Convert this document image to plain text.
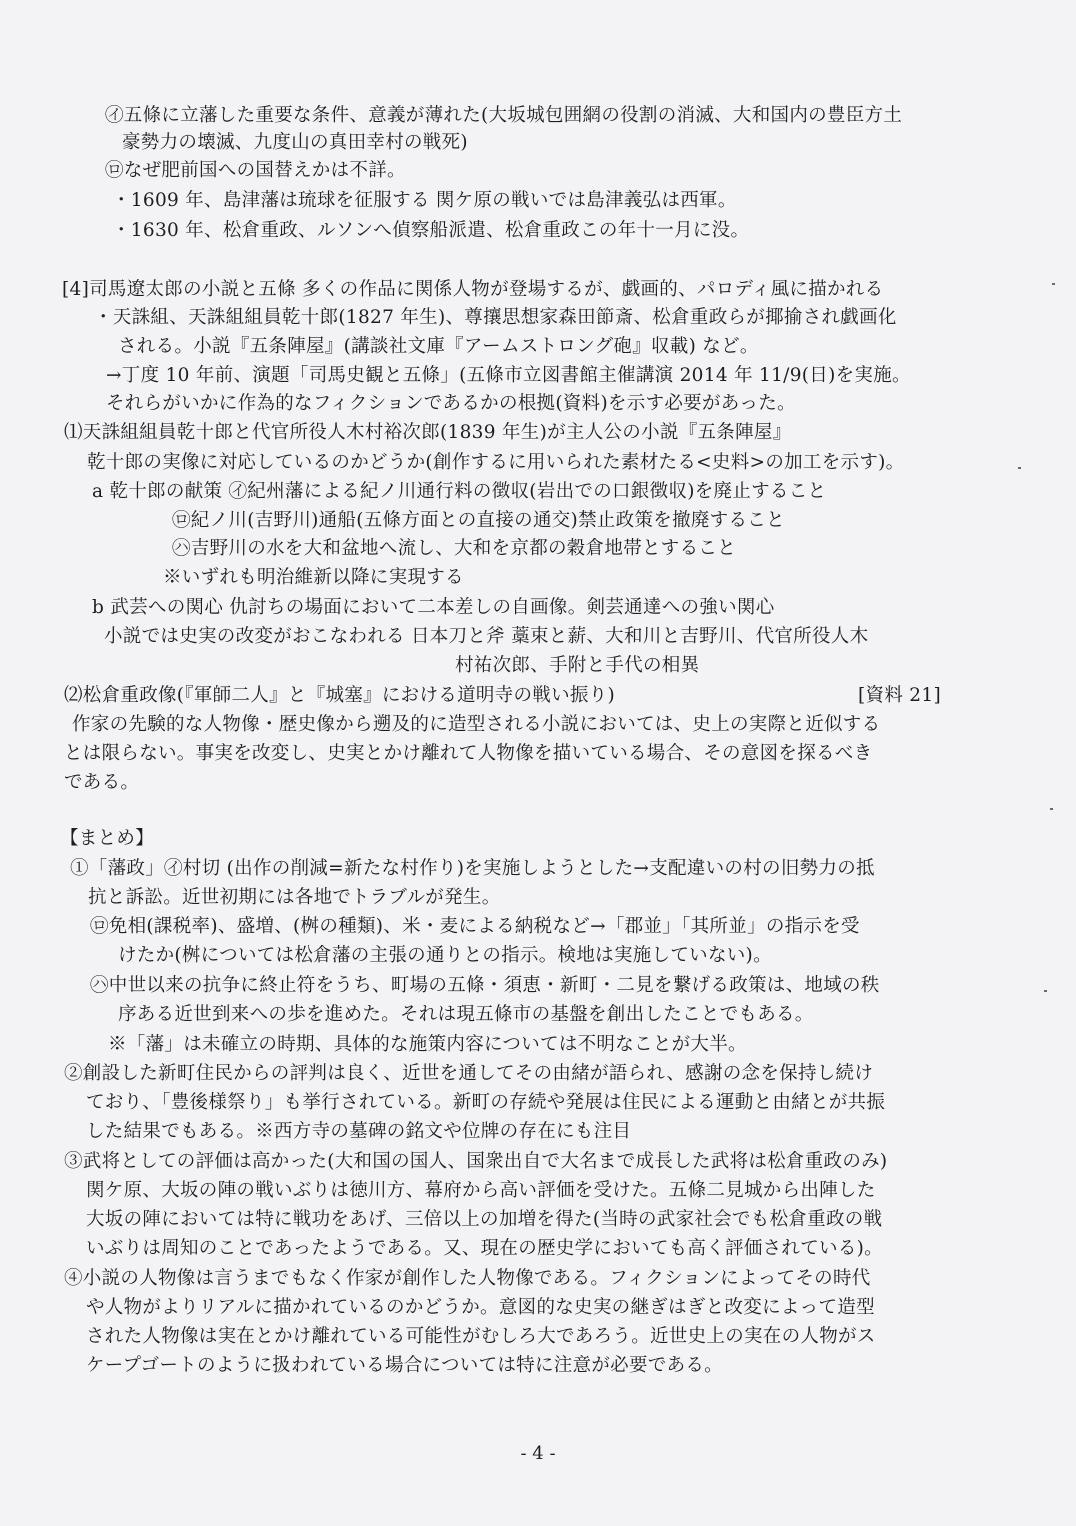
㋑五條に立藩した重要な条件、意義が薄れた(大坂城包囲網の役割の消滅、大和国内の豊臣方土
豪勢力の壊滅、九度山の真田幸村の戦死)
㋺なぜ肥前国への国替えかは不詳。
・1609 年、島津藩は琉球を征服する 関ケ原の戦いでは島津義弘は西軍。
・1630 年、松倉重政、ルソンへ偵察船派遣、松倉重政この年十一月に没。
[4]司馬遼太郎の小説と五條 多くの作品に関係人物が登場するが、戯画的、パロディ風に描かれる
・天誅組、天誅組組員乾十郎(1827 年生)、尊攘思想家森田節斎、松倉重政らが揶揄され戯画化
される。小説『五条陣屋』(講談社文庫『アームストロング砲』収載) など。
→丁度 10 年前、演題「司馬史観と五條」(五條市立図書館主催講演 2014 年 11/9(日)を実施。
それらがいかに作為的なフィクションであるかの根拠(資料)を示す必要があった。
⑴天誅組組員乾十郎と代官所役人木村裕次郎(1839 年生)が主人公の小説『五条陣屋』
乾十郎の実像に対応しているのかどうか(創作するに用いられた素材たる<史料>の加工を示す)。
a 乾十郎の献策 ㋑紀州藩による紀ノ川通行料の徴収(岩出での口銀徴収)を廃止すること
㋺紀ノ川(吉野川)通船(五條方面との直接の通交)禁止政策を撤廃すること
㋩吉野川の水を大和盆地へ流し、大和を京都の穀倉地帯とすること
※いずれも明治維新以降に実現する
b 武芸への関心 仇討ちの場面において二本差しの自画像。剣芸通達への強い関心
小説では史実の改変がおこなわれる 日本刀と斧 藁束と薪、大和川と吉野川、代官所役人木
村祐次郎、手附と手代の相異
⑵松倉重政像(『軍師二人』と『城塞』における道明寺の戦い振り)	[資料 21]
作家の先験的な人物像・歴史像から遡及的に造型される小説においては、史上の実際と近似する
とは限らない。事実を改変し、史実とかけ離れて人物像を描いている場合、その意図を探るべき
である。
【まとめ】
①「藩政」㋑村切 (出作の削減=新たな村作り)を実施しようとした→支配違いの村の旧勢力の抵
抗と訴訟。近世初期には各地でトラブルが発生。
㋺免相(課税率)、盛増、(桝の種類)、米・麦による納税など→「郡並」「其所並」の指示を受
けたか(桝については松倉藩の主張の通りとの指示。検地は実施していない)。
㋩中世以来の抗争に終止符をうち、町場の五條・須恵・新町・二見を繋げる政策は、地域の秩
序ある近世到来への歩を進めた。それは現五條市の基盤を創出したことでもある。
※「藩」は未確立の時期、具体的な施策内容については不明なことが大半。
②創設した新町住民からの評判は良く、近世を通してその由緒が語られ、感謝の念を保持し続け
ており、「豊後様祭り」も挙行されている。新町の存続や発展は住民による運動と由緒とが共振
した結果でもある。※西方寺の墓碑の銘文や位牌の存在にも注目
③武将としての評価は高かった(大和国の国人、国衆出自で大名まで成長した武将は松倉重政のみ)
関ケ原、大坂の陣の戦いぶりは徳川方、幕府から高い評価を受けた。五條二見城から出陣した
大坂の陣においては特に戦功をあげ、三倍以上の加増を得た(当時の武家社会でも松倉重政の戦
いぶりは周知のことであったようである。又、現在の歴史学においても高く評価されている)。
④小説の人物像は言うまでもなく作家が創作した人物像である。フィクションによってその時代
や人物がよりリアルに描かれているのかどうか。意図的な史実の継ぎはぎと改変によって造型
された人物像は実在とかけ離れている可能性がむしろ大であろう。近世史上の実在の人物がス
ケープゴートのように扱われている場合については特に注意が必要である。
- 4 -
